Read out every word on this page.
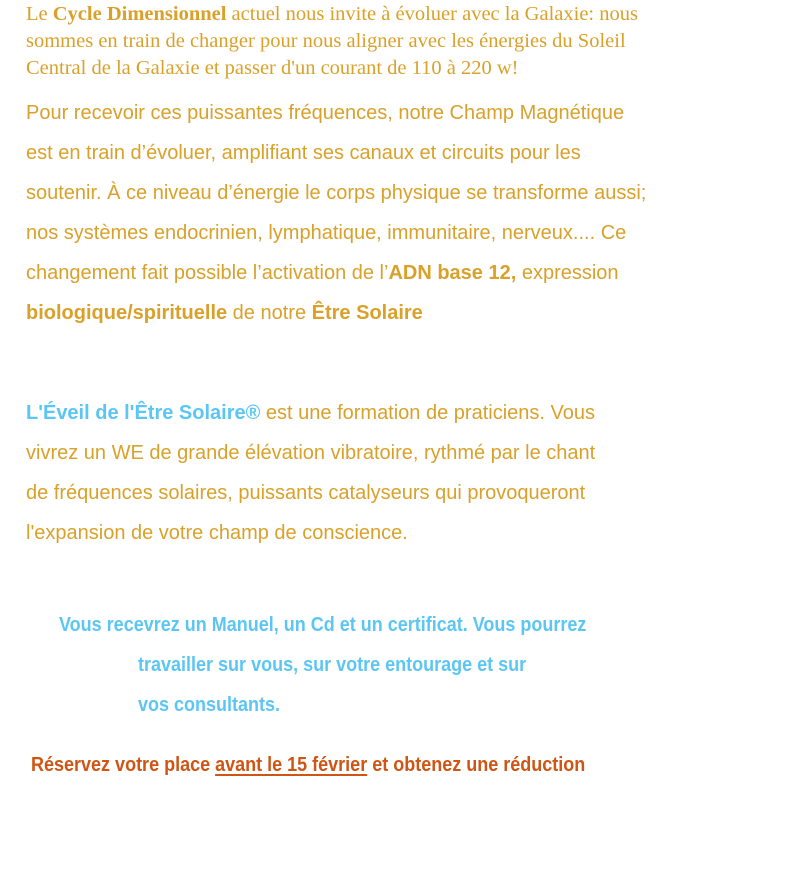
Le Cycle Dimensionnel actuel nous invite à évoluer avec la Galaxie: nous
sommes en train de changer pour nous aligner avec les énergies du Soleil
Central de la Galaxie et passer d'un courant de 110 à 220 w!
Pour recevoir ces puissantes fréquences, notre Champ Magnétique
est en train d’évoluer, amplifiant ses canaux et circuits pour les
soutenir. À ce niveau d’énergie le corps physique se transforme aussi;
nos systèmes endocrinien, lymphatique, immunitaire, nerveux.... Ce
changement fait possible l’activation de l’ADN base 12, expression
biologique/spirituelle de notre Être Solaire
L'Éveil de l'Être Solaire® est une formation de praticiens. Vous
vivrez un WE de grande élévation vibratoire, rythmé par le chant
de fréquences solaires, puissants catalyseurs qui provoqueront
l'expansion de votre champ de conscience.
Vous recevrez un Manuel, un Cd et un certificat. Vous pourrez
travailler sur vous, sur votre entourage et sur
vos consultants.
Réservez votre place avant le 15 février et obtenez une réduction
